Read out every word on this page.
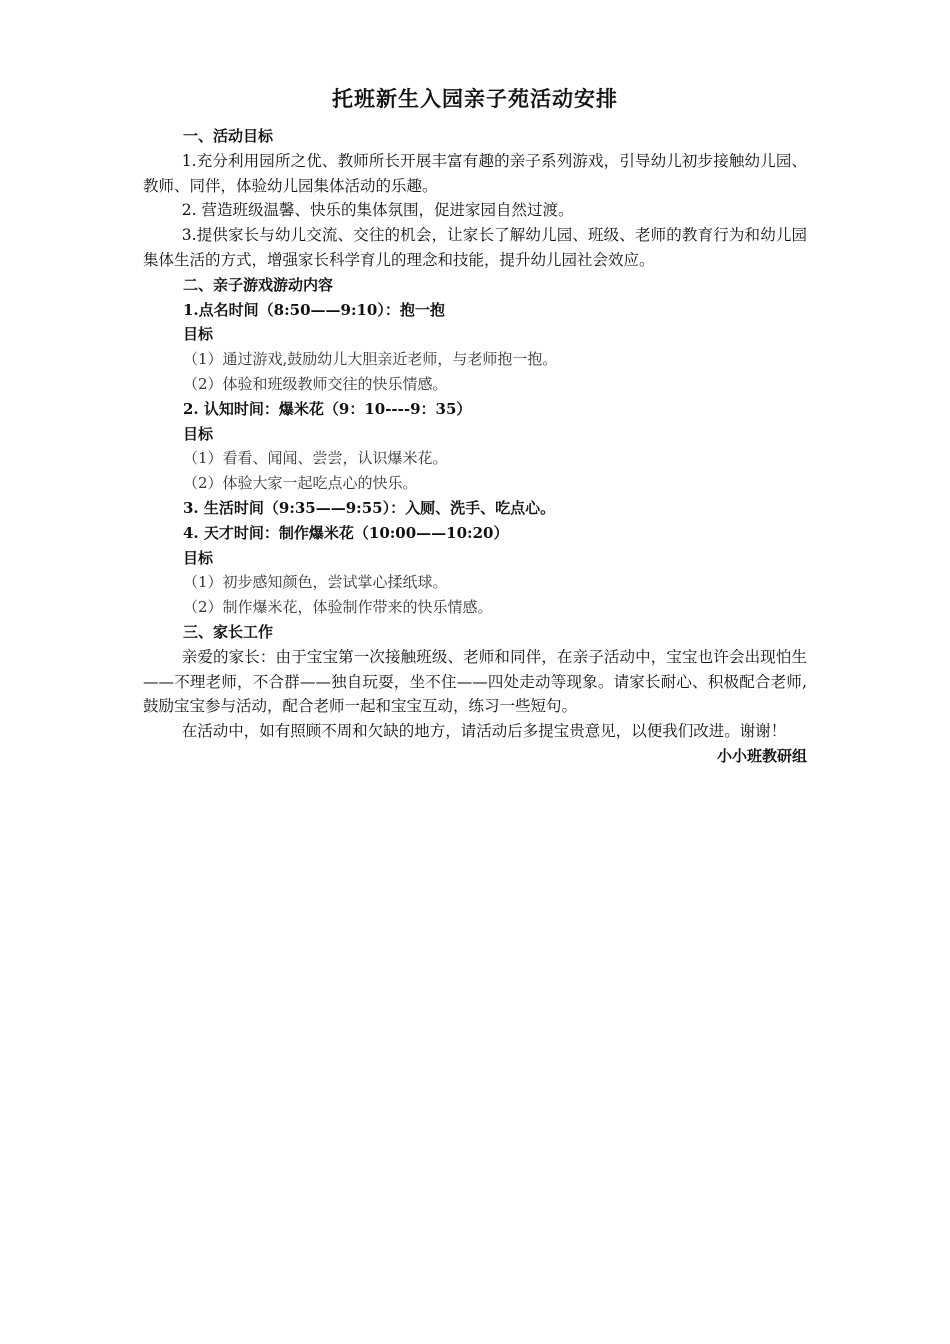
托班新生入园亲子苑活动安排
一、活动目标
1.充分利用园所之优、教师所长开展丰富有趣的亲子系列游戏，引导幼儿初步接触幼儿园、教师、同伴，体验幼儿园集体活动的乐趣。
2. 营造班级温馨、快乐的集体氛围，促进家园自然过渡。
3.提供家长与幼儿交流、交往的机会，让家长了解幼儿园、班级、老师的教育行为和幼儿园集体生活的方式，增强家长科学育儿的理念和技能，提升幼儿园社会效应。
二、亲子游戏游动内容
1.点名时间（8:50——9:10）：抱一抱
目标
（1）通过游戏,鼓励幼儿大胆亲近老师，与老师抱一抱。
（2）体验和班级教师交往的快乐情感。
2. 认知时间：爆米花（9：10----9：35）
目标
（1）看看、闻闻、尝尝，认识爆米花。
（2）体验大家一起吃点心的快乐。
3. 生活时间（9:35——9:55）：入厕、洗手、吃点心。
4. 天才时间：制作爆米花（10:00——10:20）
目标
（1）初步感知颜色，尝试掌心揉纸球。
（2）制作爆米花，体验制作带来的快乐情感。
三、家长工作
亲爱的家长：由于宝宝第一次接触班级、老师和同伴，在亲子活动中，宝宝也许会出现怕生——不理老师，不合群——独自玩耍，坐不住——四处走动等现象。请家长耐心、积极配合老师,鼓励宝宝参与活动，配合老师一起和宝宝互动，练习一些短句。
在活动中，如有照顾不周和欠缺的地方，请活动后多提宝贵意见，以便我们改进。谢谢！
小小班教研组
